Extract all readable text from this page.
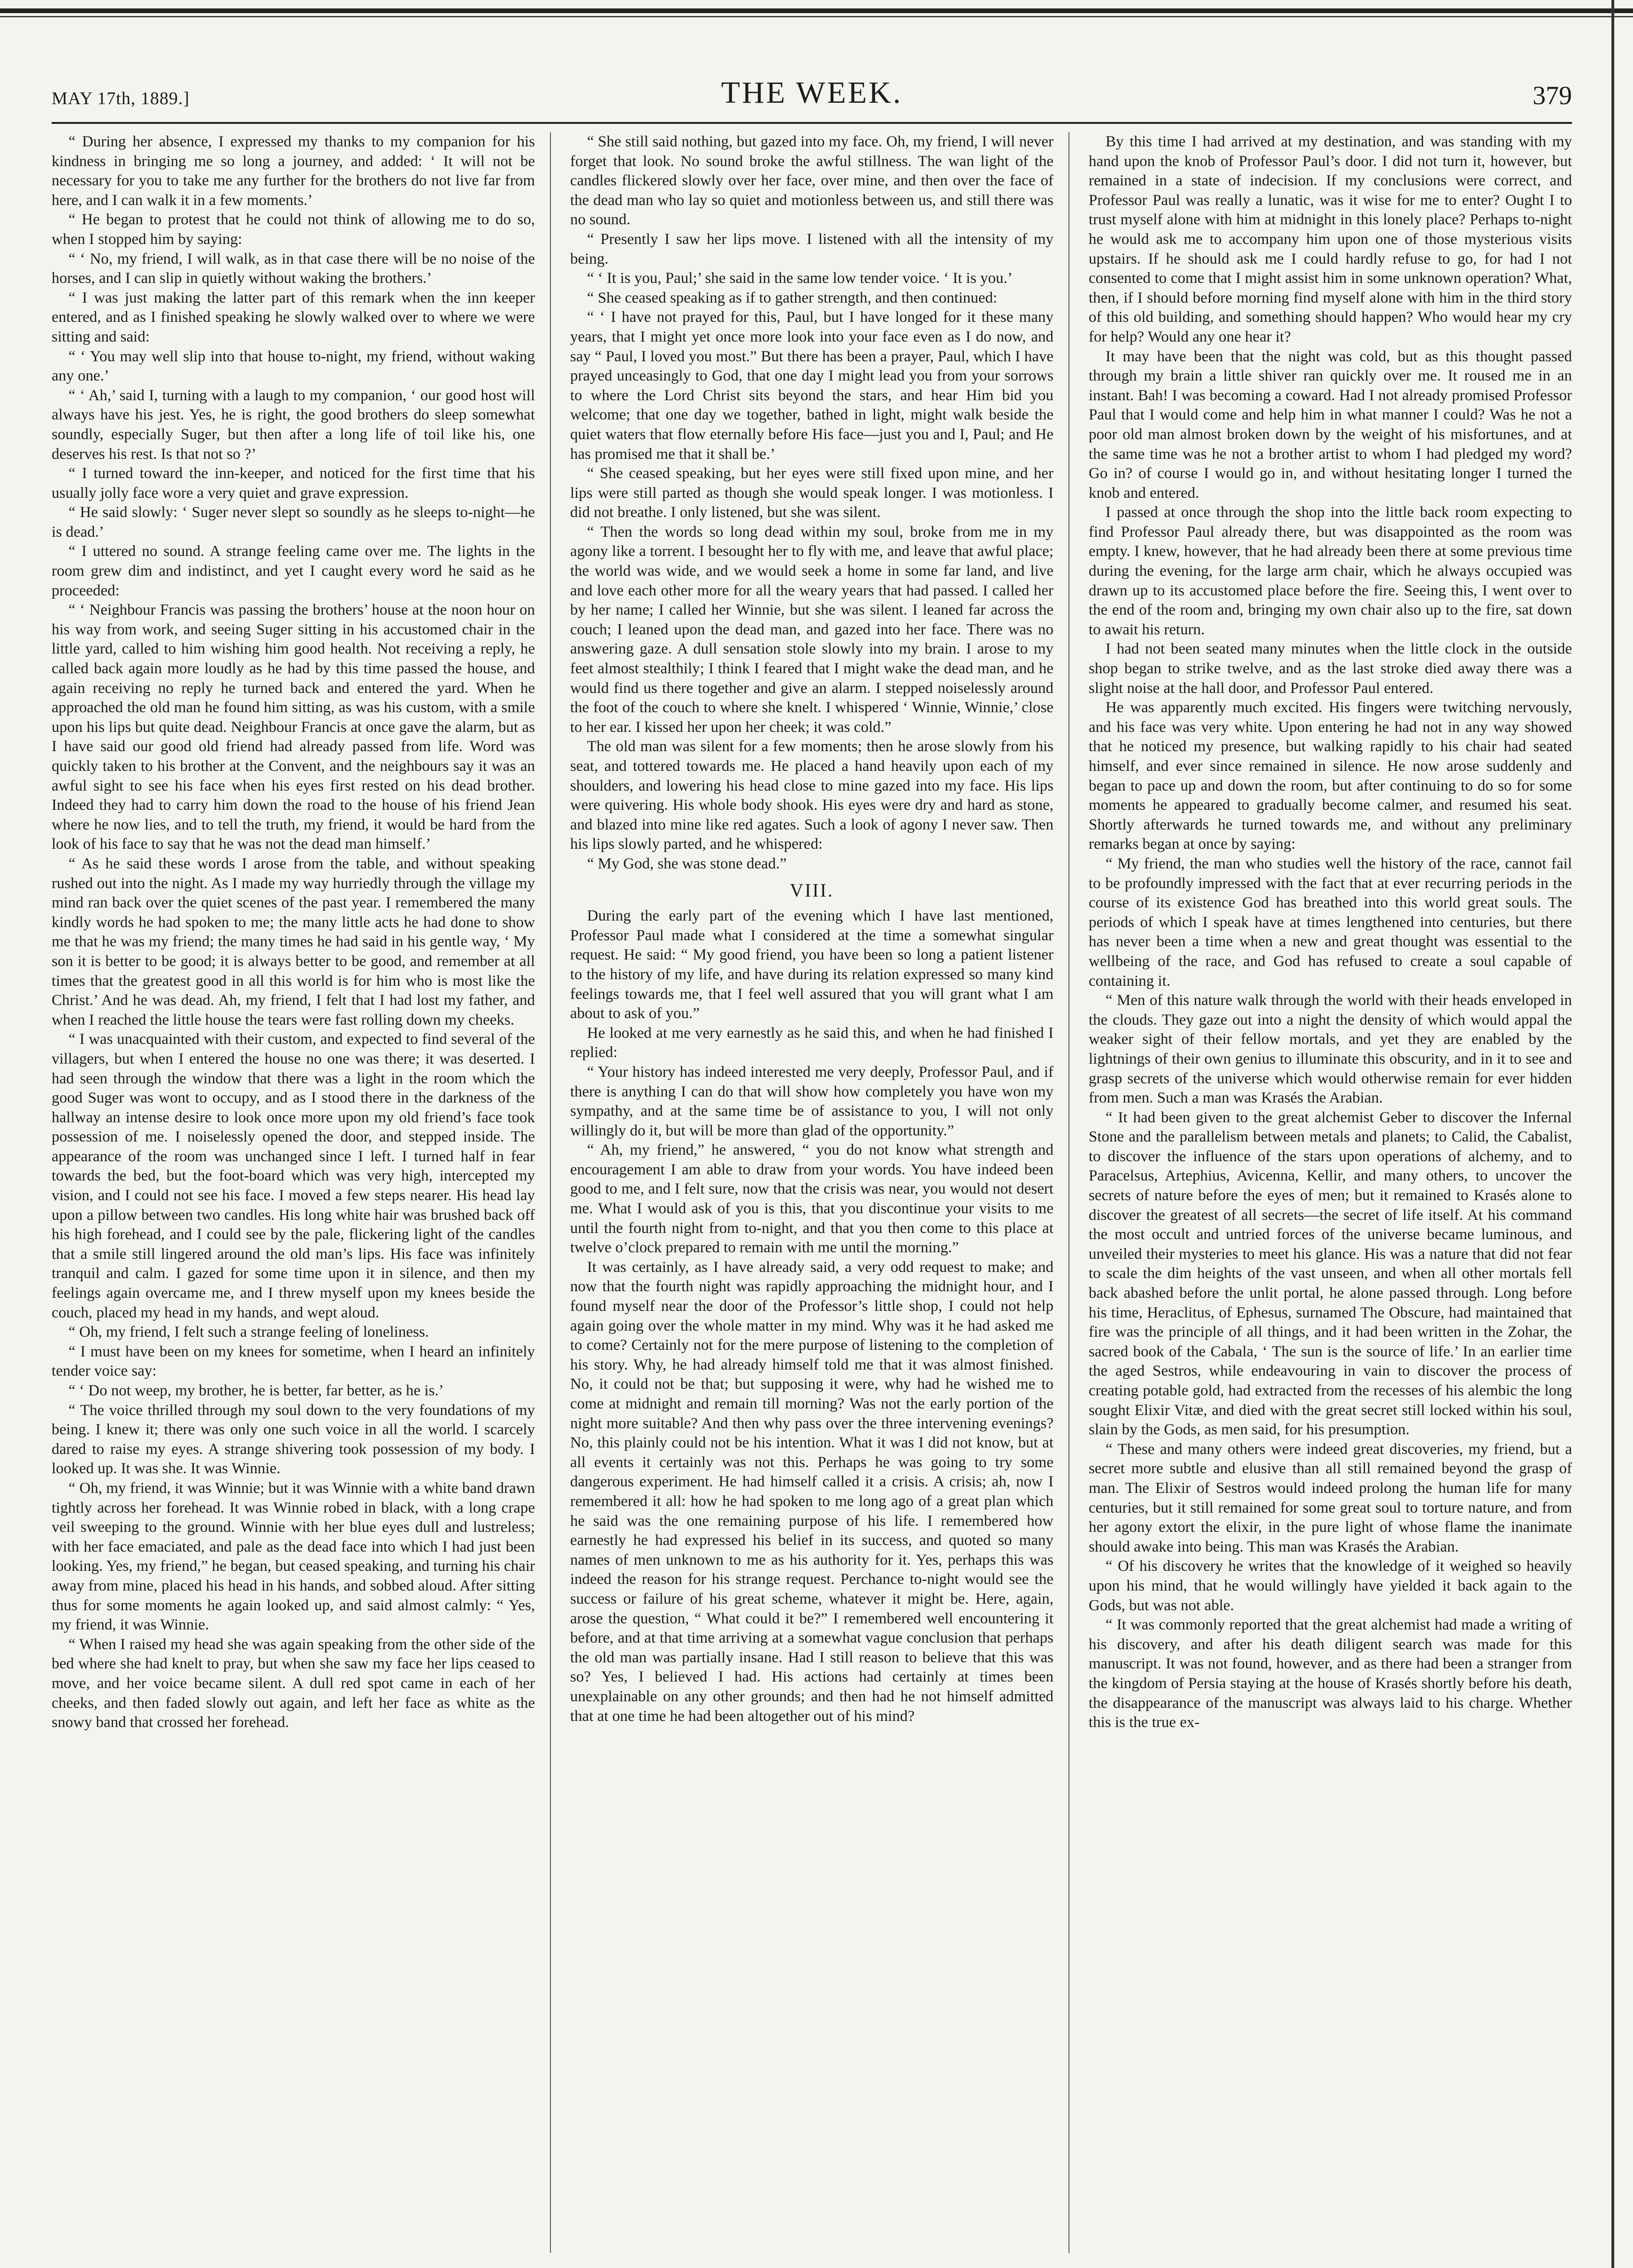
THE WEEK.
MAY 17th, 1889.]	379

“ During her absence, I expressed my thanks to my companion for his kindness in bringing me so long a journey, and added: ‘ It will not be necessary for you to take me any further for the brothers do not live far from here, and I can walk it in a few moments.’

“ He began to protest that he could not think of allowing me to do so, when I stopped him by saying:

“ ‘ No, my friend, I will walk, as in that case there will be no noise of the horses, and I can slip in quietly without waking the brothers.’

“ I was just making the latter part of this remark when the inn keeper entered, and as I finished speaking he slowly walked over to where we were sitting and said:

“ ‘ You may well slip into that house to-night, my friend, without waking any one.’

“ ‘ Ah,’ said I, turning with a laugh to my companion, ‘ our good host will always have his jest. Yes, he is right, the good brothers do sleep somewhat soundly, especially Suger, but then after a long life of toil like his, one deserves his rest. Is that not so ?’

“ I turned toward the inn-keeper, and noticed for the first time that his usually jolly face wore a very quiet and grave expression.

“ He said slowly: ‘ Suger never slept so soundly as he sleeps to-night—he is dead.’

“ I uttered no sound. A strange feeling came over me. The lights in the room grew dim and indistinct, and yet I caught every word he said as he proceeded:

“ ‘ Neighbour Francis was passing the brothers’ house at the noon hour on his way from work, and seeing Suger sitting in his accustomed chair in the little yard, called to him wishing him good health. Not receiving a reply, he called back again more loudly as he had by this time passed the house, and again receiving no reply he turned back and entered the yard. When he approached the old man he found him sitting, as was his custom, with a smile upon his lips but quite dead. Neighbour Francis at once gave the alarm, but as I have said our good old friend had already passed from life. Word was quickly taken to his brother at the Convent, and the neighbours say it was an awful sight to see his face when his eyes first rested on his dead brother. Indeed they had to carry him down the road to the house of his friend Jean where he now lies, and to tell the truth, my friend, it would be hard from the look of his face to say that he was not the dead man himself.’

“ As he said these words I arose from the table, and without speaking rushed out into the night. As I made my way hurriedly through the village my mind ran back over the quiet scenes of the past year. I remembered the many kindly words he had spoken to me; the many little acts he had done to show me that he was my friend; the many times he had said in his gentle way, ‘ My son it is better to be good; it is always better to be good, and remember at all times that the greatest good in all this world is for him who is most like the Christ.’ And he was dead. Ah, my friend, I felt that I had lost my father, and when I reached the little house the tears were fast rolling down my cheeks.

“ I was unacquainted with their custom, and expected to find several of the villagers, but when I entered the house no one was there; it was deserted. I had seen through the window that there was a light in the room which the good Suger was wont to occupy, and as I stood there in the darkness of the hallway an intense desire to look once more upon my old friend’s face took possession of me. I noiselessly opened the door, and stepped inside. The appearance of the room was unchanged since I left. I turned half in fear towards the bed, but the foot-board which was very high, intercepted my vision, and I could not see his face. I moved a few steps nearer. His head lay upon a pillow between two candles. His long white hair was brushed back off his high forehead, and I could see by the pale, flickering light of the candles that a smile still lingered around the old man’s lips. His face was infinitely tranquil and calm. I gazed for some time upon it in silence, and then my feelings again overcame me, and I threw myself upon my knees beside the couch, placed my head in my hands, and wept aloud.

“ Oh, my friend, I felt such a strange feeling of loneliness.

“ I must have been on my knees for sometime, when I heard an infinitely tender voice say:

“ ‘ Do not weep, my brother, he is better, far better, as he is.’

“ The voice thrilled through my soul down to the very foundations of my being. I knew it; there was only one such voice in all the world. I scarcely dared to raise my eyes. A strange shivering took possession of my body. I looked up. It was she. It was Winnie.

“ Oh, my friend, it was Winnie; but it was Winnie with a white band drawn tightly across her forehead. It was Winnie robed in black, with a long crape veil sweeping to the ground. Winnie with her blue eyes dull and lustreless; with her face emaciated, and pale as the dead face into which I had just been looking. Yes, my friend,” he began, but ceased speaking, and turning his chair away from mine, placed his head in his hands, and sobbed aloud. After sitting thus for some moments he again looked up, and said almost calmly: “ Yes, my friend, it was Winnie.

“ When I raised my head she was again speaking from the other side of the bed where she had knelt to pray, but when she saw my face her lips ceased to move, and her voice became silent. A dull red spot came in each of her cheeks, and then faded slowly out again, and left her face as white as the snowy band that crossed her forehead.

“ She still said nothing, but gazed into my face. Oh, my friend, I will never forget that look. No sound broke the awful stillness. The wan light of the candles flickered slowly over her face, over mine, and then over the face of the dead man who lay so quiet and motionless between us, and still there was no sound.

“ Presently I saw her lips move. I listened with all the intensity of my being.

“ ‘ It is you, Paul;’ she said in the same low tender voice. ‘ It is you.’

“ She ceased speaking as if to gather strength, and then continued:

“ ‘ I have not prayed for this, Paul, but I have longed for it these many years, that I might yet once more look into your face even as I do now, and say “ Paul, I loved you most.” But there has been a prayer, Paul, which I have prayed unceasingly to God, that one day I might lead you from your sorrows to where the Lord Christ sits beyond the stars, and hear Him bid you welcome; that one day we together, bathed in light, might walk beside the quiet waters that flow eternally before His face—just you and I, Paul; and He has promised me that it shall be.’

“ She ceased speaking, but her eyes were still fixed upon mine, and her lips were still parted as though she would speak longer. I was motionless. I did not breathe. I only listened, but she was silent.

“ Then the words so long dead within my soul, broke from me in my agony like a torrent. I besought her to fly with me, and leave that awful place; the world was wide, and we would seek a home in some far land, and live and love each other more for all the weary years that had passed. I called her by her name; I called her Winnie, but she was silent. I leaned far across the couch; I leaned upon the dead man, and gazed into her face. There was no answering gaze. A dull sensation stole slowly into my brain. I arose to my feet almost stealthily; I think I feared that I might wake the dead man, and he would find us there together and give an alarm. I stepped noiselessly around the foot of the couch to where she knelt. I whispered ‘ Winnie, Winnie,’ close to her ear. I kissed her upon her cheek; it was cold.”

The old man was silent for a few moments; then he arose slowly from his seat, and tottered towards me. He placed a hand heavily upon each of my shoulders, and lowering his head close to mine gazed into my face. His lips were quivering. His whole body shook. His eyes were dry and hard as stone, and blazed into mine like red agates. Such a look of agony I never saw. Then his lips slowly parted, and he whispered:

“ My God, she was stone dead.”

VIII.

During the early part of the evening which I have last mentioned, Professor Paul made what I considered at the time a somewhat singular request. He said: “ My good friend, you have been so long a patient listener to the history of my life, and have during its relation expressed so many kind feelings towards me, that I feel well assured that you will grant what I am about to ask of you.”

He looked at me very earnestly as he said this, and when he had finished I replied:

“ Your history has indeed interested me very deeply, Professor Paul, and if there is anything I can do that will show how completely you have won my sympathy, and at the same time be of assistance to you, I will not only willingly do it, but will be more than glad of the opportunity.”

“ Ah, my friend,” he answered, “ you do not know what strength and encouragement I am able to draw from your words. You have indeed been good to me, and I felt sure, now that the crisis was near, you would not desert me. What I would ask of you is this, that you discontinue your visits to me until the fourth night from to-night, and that you then come to this place at twelve o’clock prepared to remain with me until the morning.”

It was certainly, as I have already said, a very odd request to make; and now that the fourth night was rapidly approaching the midnight hour, and I found myself near the door of the Professor’s little shop, I could not help again going over the whole matter in my mind. Why was it he had asked me to come? Certainly not for the mere purpose of listening to the completion of his story. Why, he had already himself told me that it was almost finished. No, it could not be that; but supposing it were, why had he wished me to come at midnight and remain till morning? Was not the early portion of the night more suitable? And then why pass over the three intervening evenings? No, this plainly could not be his intention. What it was I did not know, but at all events it certainly was not this. Perhaps he was going to try some dangerous experiment. He had himself called it a crisis. A crisis; ah, now I remembered it all: how he had spoken to me long ago of a great plan which he said was the one remaining purpose of his life. I remembered how earnestly he had expressed his belief in its success, and quoted so many names of men unknown to me as his authority for it. Yes, perhaps this was indeed the reason for his strange request. Perchance to-night would see the success or failure of his great scheme, whatever it might be. Here, again, arose the question, “ What could it be?” I remembered well encountering it before, and at that time arriving at a somewhat vague conclusion that perhaps the old man was partially insane. Had I still reason to believe that this was so? Yes, I believed I had. His actions had certainly at times been unexplainable on any other grounds; and then had he not himself admitted that at one time he had been altogether out of his mind?

By this time I had arrived at my destination, and was standing with my hand upon the knob of Professor Paul’s door. I did not turn it, however, but remained in a state of indecision. If my conclusions were correct, and Professor Paul was really a lunatic, was it wise for me to enter? Ought I to trust myself alone with him at midnight in this lonely place? Perhaps to-night he would ask me to accompany him upon one of those mysterious visits upstairs. If he should ask me I could hardly refuse to go, for had I not consented to come that I might assist him in some unknown operation? What, then, if I should before morning find myself alone with him in the third story of this old building, and something should happen? Who would hear my cry for help? Would any one hear it?

It may have been that the night was cold, but as this thought passed through my brain a little shiver ran quickly over me. It roused me in an instant. Bah! I was becoming a coward. Had I not already promised Professor Paul that I would come and help him in what manner I could? Was he not a poor old man almost broken down by the weight of his misfortunes, and at the same time was he not a brother artist to whom I had pledged my word? Go in? of course I would go in, and without hesitating longer I turned the knob and entered.

I passed at once through the shop into the little back room expecting to find Professor Paul already there, but was disappointed as the room was empty. I knew, however, that he had already been there at some previous time during the evening, for the large arm chair, which he always occupied was drawn up to its accustomed place before the fire. Seeing this, I went over to the end of the room and, bringing my own chair also up to the fire, sat down to await his return.

I had not been seated many minutes when the little clock in the outside shop began to strike twelve, and as the last stroke died away there was a slight noise at the hall door, and Professor Paul entered.

He was apparently much excited. His fingers were twitching nervously, and his face was very white. Upon entering he had not in any way showed that he noticed my presence, but walking rapidly to his chair had seated himself, and ever since remained in silence. He now arose suddenly and began to pace up and down the room, but after continuing to do so for some moments he appeared to gradually become calmer, and resumed his seat. Shortly afterwards he turned towards me, and without any preliminary remarks began at once by saying:

“ My friend, the man who studies well the history of the race, cannot fail to be profoundly impressed with the fact that at ever recurring periods in the course of its existence God has breathed into this world great souls. The periods of which I speak have at times lengthened into centuries, but there has never been a time when a new and great thought was essential to the wellbeing of the race, and God has refused to create a soul capable of containing it.

“ Men of this nature walk through the world with their heads enveloped in the clouds. They gaze out into a night the density of which would appal the weaker sight of their fellow mortals, and yet they are enabled by the lightnings of their own genius to illuminate this obscurity, and in it to see and grasp secrets of the universe which would otherwise remain for ever hidden from men. Such a man was Krasés the Arabian.

“ It had been given to the great alchemist Geber to discover the Infernal Stone and the parallelism between metals and planets; to Calid, the Cabalist, to discover the influence of the stars upon operations of alchemy, and to Paracelsus, Artephius, Avicenna, Kellir, and many others, to uncover the secrets of nature before the eyes of men; but it remained to Krasés alone to discover the greatest of all secrets—the secret of life itself. At his command the most occult and untried forces of the universe became luminous, and unveiled their mysteries to meet his glance. His was a nature that did not fear to scale the dim heights of the vast unseen, and when all other mortals fell back abashed before the unlit portal, he alone passed through. Long before his time, Heraclitus, of Ephesus, surnamed The Obscure, had maintained that fire was the principle of all things, and it had been written in the Zohar, the sacred book of the Cabala, ‘ The sun is the source of life.’ In an earlier time the aged Sestros, while endeavouring in vain to discover the process of creating potable gold, had extracted from the recesses of his alembic the long sought Elixir Vitæ, and died with the great secret still locked within his soul, slain by the Gods, as men said, for his presumption.

“ These and many others were indeed great discoveries, my friend, but a secret more subtle and elusive than all still remained beyond the grasp of man. The Elixir of Sestros would indeed prolong the human life for many centuries, but it still remained for some great soul to torture nature, and from her agony extort the elixir, in the pure light of whose flame the inanimate should awake into being. This man was Krasés the Arabian.

“ Of his discovery he writes that the knowledge of it weighed so heavily upon his mind, that he would willingly have yielded it back again to the Gods, but was not able.

“ It was commonly reported that the great alchemist had made a writing of his discovery, and after his death diligent search was made for this manuscript. It was not found, however, and as there had been a stranger from the kingdom of Persia staying at the house of Krasés shortly before his death, the disappearance of the manuscript was always laid to his charge. Whether this is the true ex-
